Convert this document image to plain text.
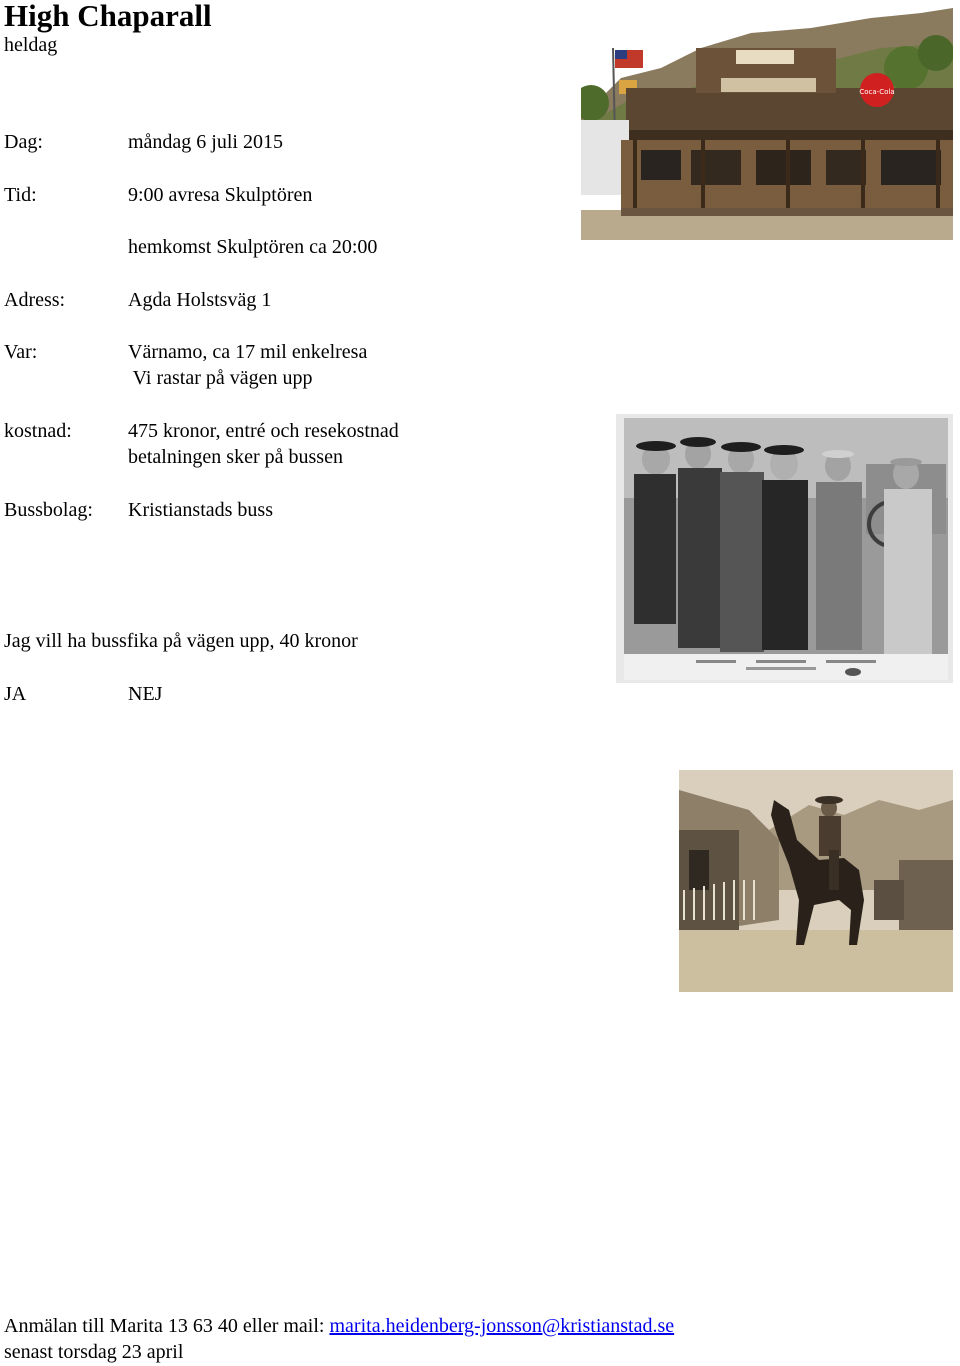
High Chaparall
heldag
Dag:	måndag 6 juli 2015
Tid:	9:00 avresa Skulptören
hemkomst Skulptören ca 20:00
Adress:	Agda Holstsväg 1
Var:	Värnamo, ca 17 mil enkelresa
Vi rastar på vägen upp
kostnad:	475 kronor, entré och resekostnad
betalningen sker på bussen
Bussbolag: Kristianstads buss
Jag vill ha bussfika på vägen upp, 40 kronor
JA	NEJ
Anmälan till Marita 13 63 40 eller mail: marita.heidenberg-jonsson@kristianstad.se
senast torsdag 23 april
Coca-Cola
